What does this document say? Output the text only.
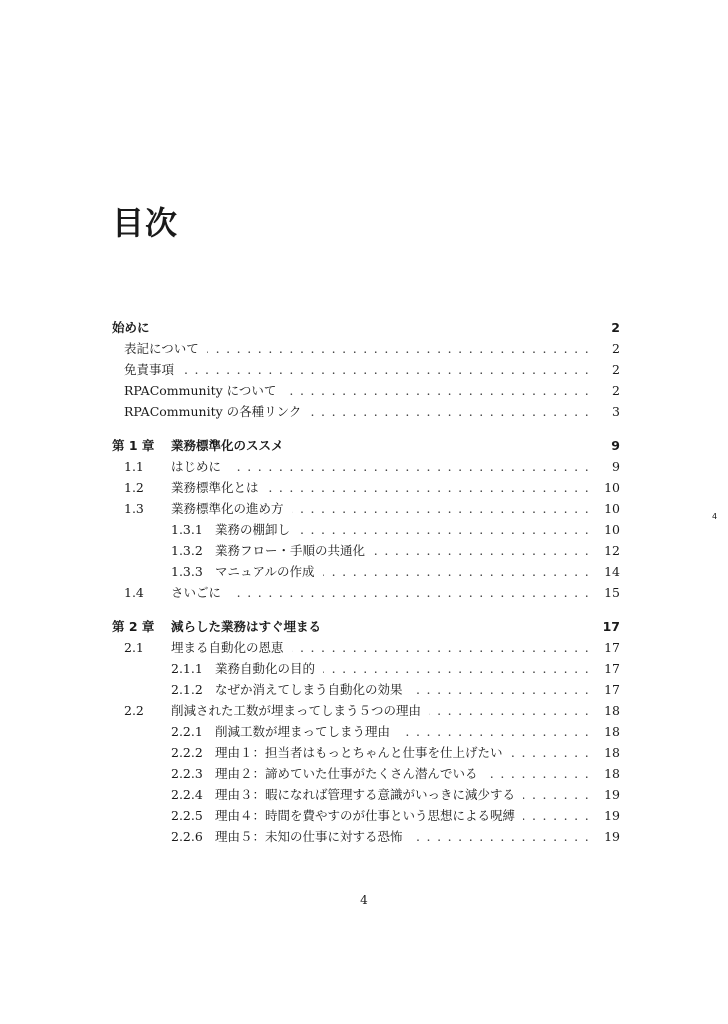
目次
始めに	2
表記について . . .	2
免責事項 . . .	2
RPACommunity について . . .	2
RPACommunity の各種リンク . . .	3
第 1 章 業務標準化のススメ	9
1.1 はじめに . . .	9
1.2 業務標準化とは . . .	10
1.3 業務標準化の進め方 . . .	10
1.3.1 業務の棚卸し . . .	10
1.3.2 業務フロー・手順の共通化 . . .	12
1.3.3 マニュアルの作成 . . .	14
1.4 さいごに . . .	15
第 2 章 減らした業務はすぐ埋まる	17
2.1 埋まる自動化の恩恵 . . .	17
2.1.1 業務自動化の目的 . . .	17
2.1.2 なぜか消えてしまう自動化の効果 . . .	17
2.2 削減された工数が埋まってしまう５つの理由 . . .	18
2.2.1 削減工数が埋まってしまう理由 . . .	18
2.2.2 理由１：担当者はもっとちゃんと仕事を仕上げたい . . .	18
2.2.3 理由２：諦めていた仕事がたくさん潜んでいる . . .	18
2.2.4 理由３：暇になれば管理する意識がいっきに減少する . . .	19
2.2.5 理由４：時間を費やすのが仕事という思想による呪縛 . . .	19
2.2.6 理由５：未知の仕事に対する恐怖 . . .	19
4
4
